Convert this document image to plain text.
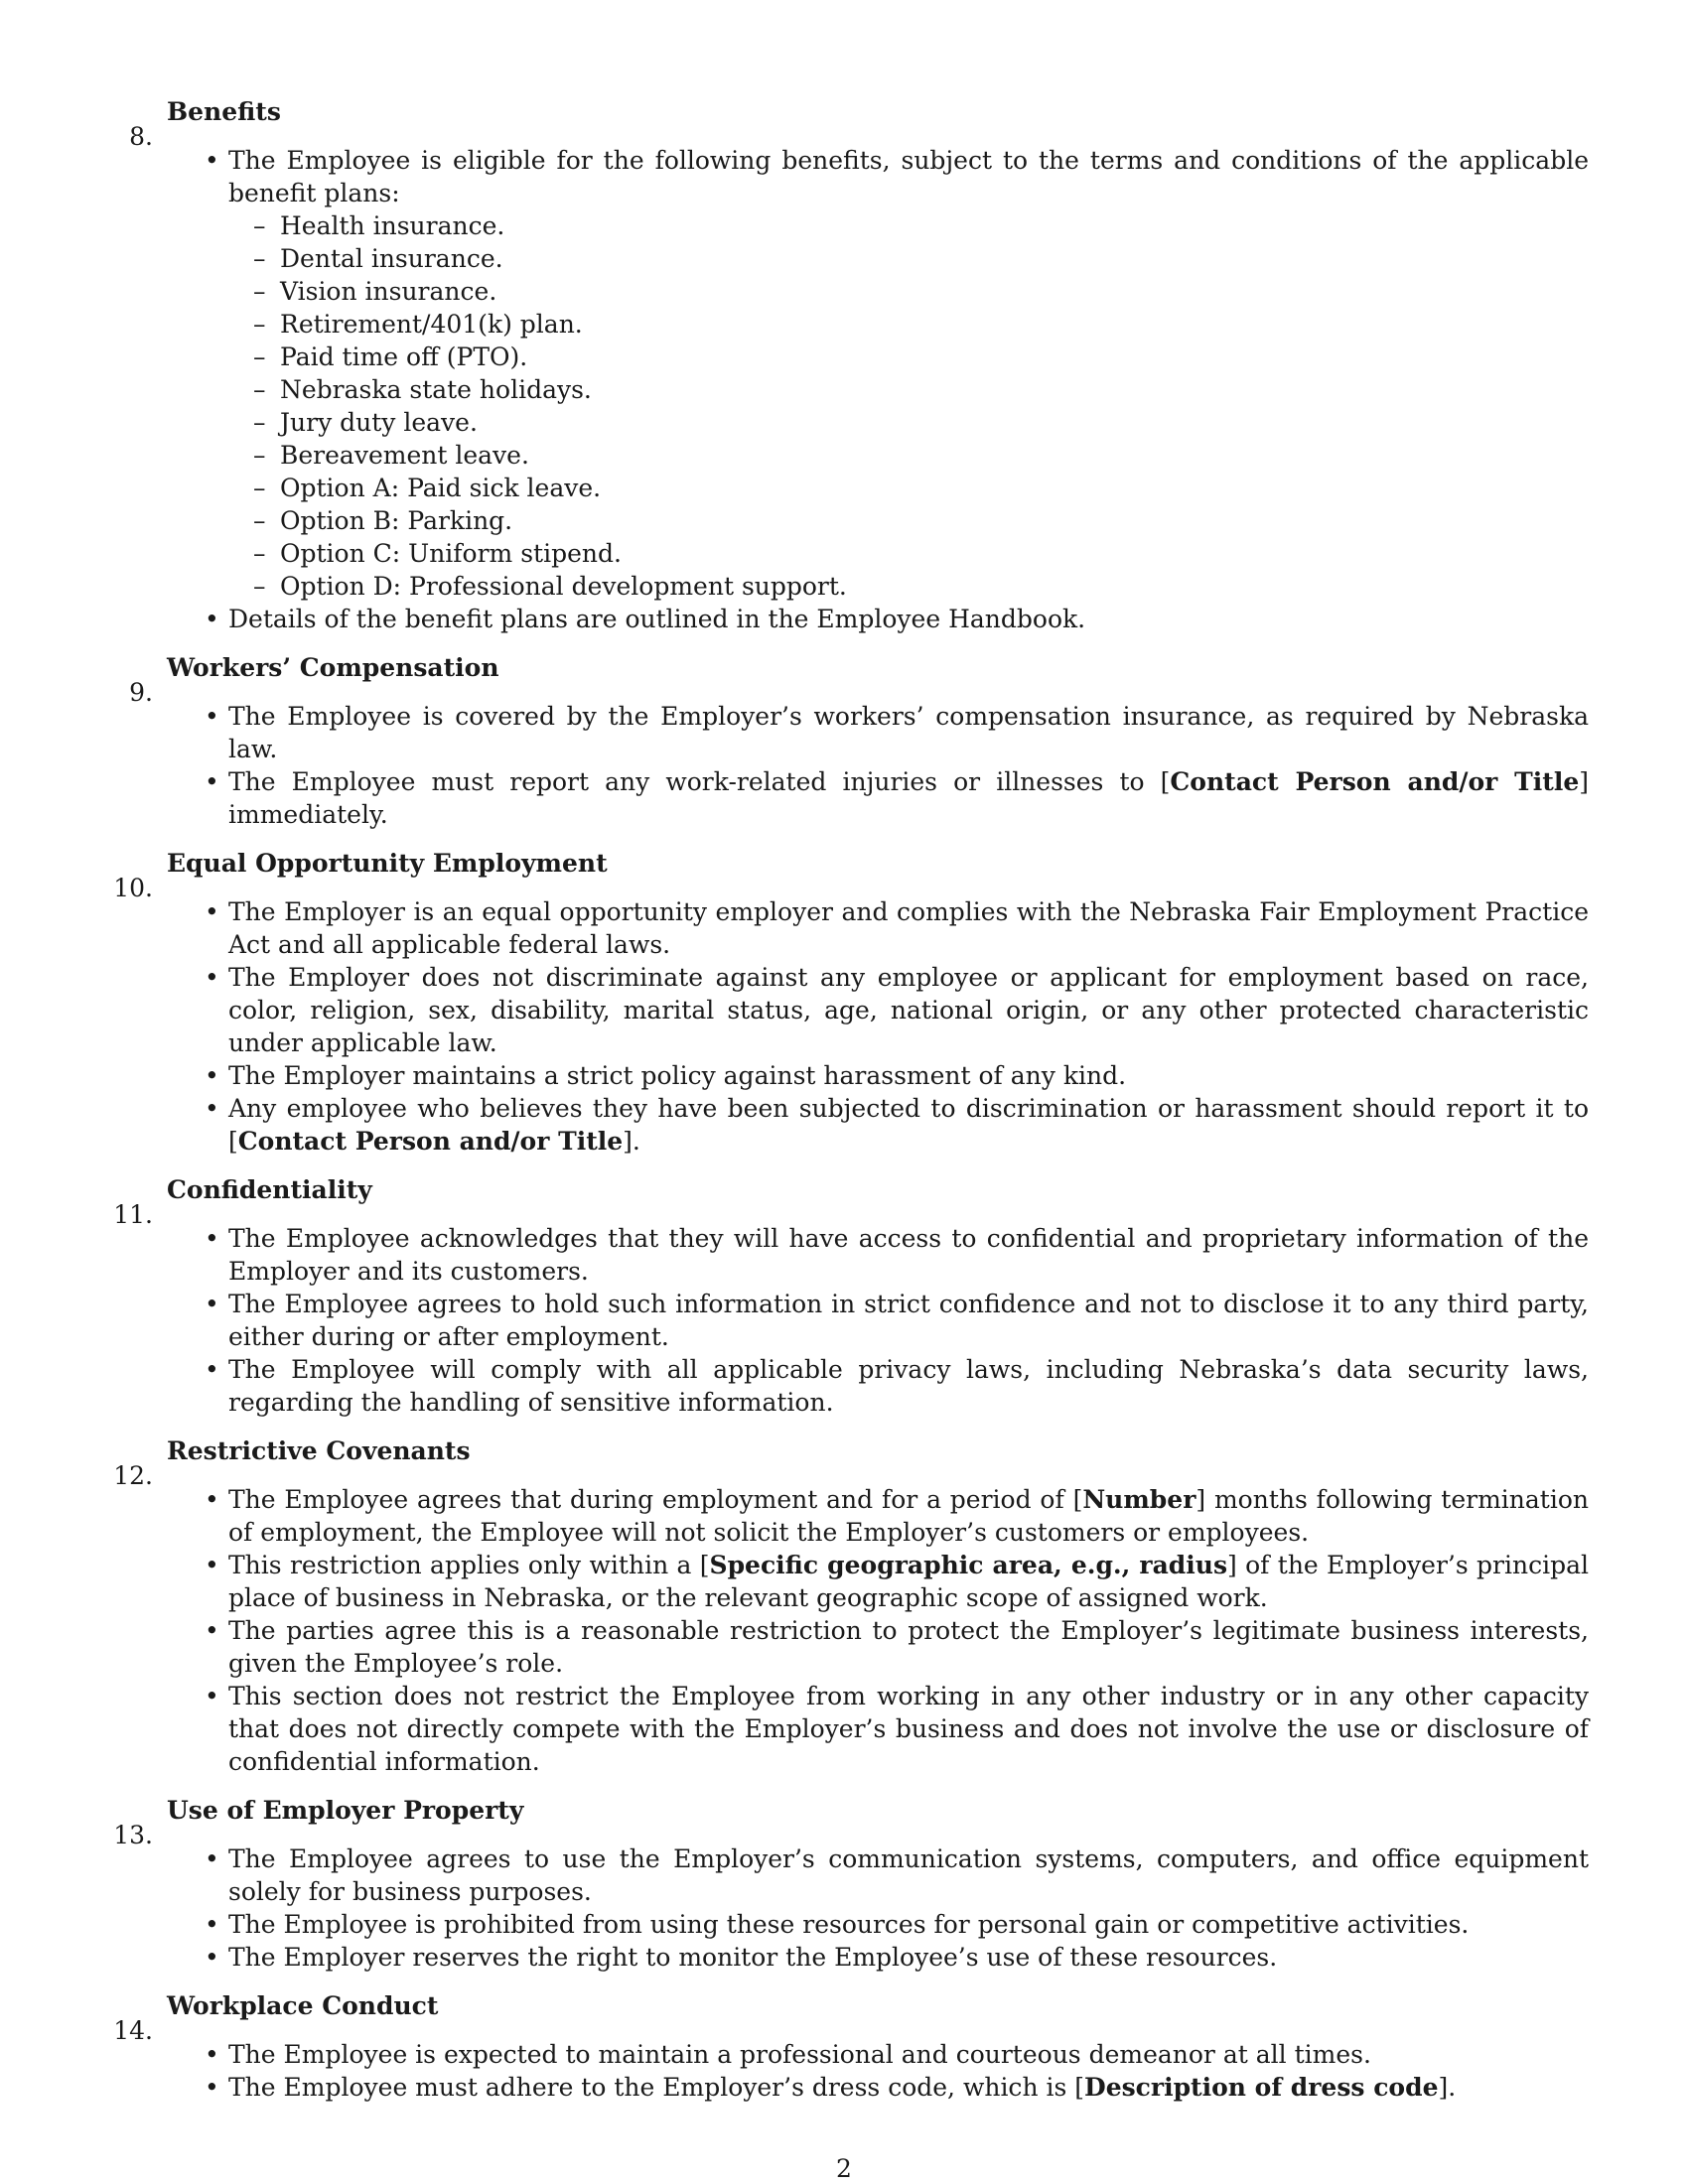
8.
Benefits
• The Employee is eligible for the following benefits, subject to the terms and conditions of the applicable benefit plans:
– Health insurance.
– Dental insurance.
– Vision insurance.
– Retirement/401(k) plan.
– Paid time off (PTO).
– Nebraska state holidays.
– Jury duty leave.
– Bereavement leave.
– Option A: Paid sick leave.
– Option B: Parking.
– Option C: Uniform stipend.
– Option D: Professional development support.
• Details of the benefit plans are outlined in the Employee Handbook.
9.
Workers’ Compensation
• The Employee is covered by the Employer’s workers’ compensation insurance, as required by Nebraska law.
• The Employee must report any work-related injuries or illnesses to [Contact Person and/or Title] immediately.
10.
Equal Opportunity Employment
• The Employer is an equal opportunity employer and complies with the Nebraska Fair Employment Practice Act and all applicable federal laws.
• The Employer does not discriminate against any employee or applicant for employment based on race, color, religion, sex, disability, marital status, age, national origin, or any other protected characteristic under applicable law.
• The Employer maintains a strict policy against harassment of any kind.
• Any employee who believes they have been subjected to discrimination or harassment should report it to [Contact Person and/or Title].
11.
Confidentiality
• The Employee acknowledges that they will have access to confidential and proprietary information of the Employer and its customers.
• The Employee agrees to hold such information in strict confidence and not to disclose it to any third party, either during or after employment.
• The Employee will comply with all applicable privacy laws, including Nebraska’s data security laws, regarding the handling of sensitive information.
12.
Restrictive Covenants
• The Employee agrees that during employment and for a period of [Number] months following termination of employment, the Employee will not solicit the Employer’s customers or employees.
• This restriction applies only within a [Specific geographic area, e.g., radius] of the Employer’s principal place of business in Nebraska, or the relevant geographic scope of assigned work.
• The parties agree this is a reasonable restriction to protect the Employer’s legitimate business interests, given the Employee’s role.
• This section does not restrict the Employee from working in any other industry or in any other capacity that does not directly compete with the Employer’s business and does not involve the use or disclosure of confidential information.
13.
Use of Employer Property
• The Employee agrees to use the Employer’s communication systems, computers, and office equipment solely for business purposes.
• The Employee is prohibited from using these resources for personal gain or competitive activities.
• The Employer reserves the right to monitor the Employee’s use of these resources.
14.
Workplace Conduct
• The Employee is expected to maintain a professional and courteous demeanor at all times.
• The Employee must adhere to the Employer’s dress code, which is [Description of dress code].
2
